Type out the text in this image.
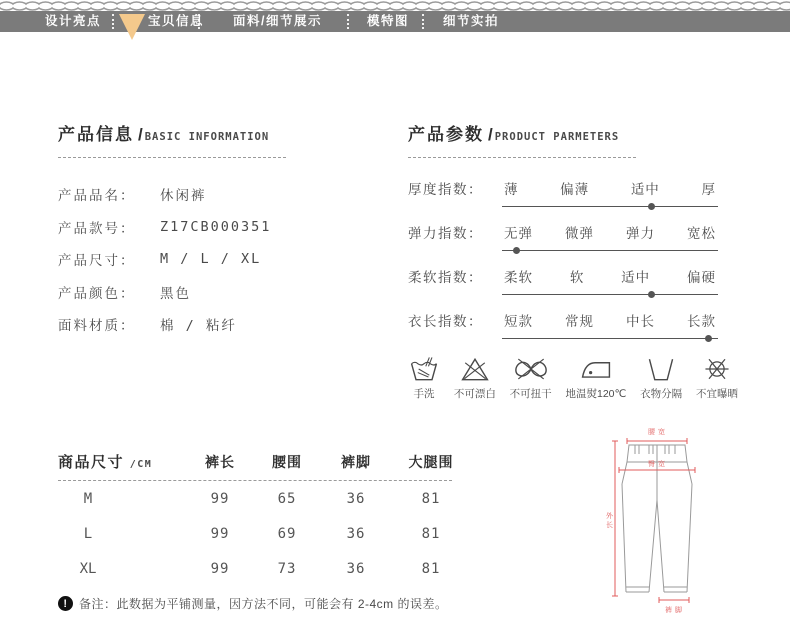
设计亮点	宝贝信息 面料/细节展示	模特图	细节实拍
产品信息 / BASIC INFORMATION
产品品名：	休闲裤
产品款号：	Z17CB000351
产品尺寸：	M / L / XL
产品颜色：	黑色
面料材质：	棉 / 粘纤
产品参数 / PRODUCT PARMETERS
厚度指数：	薄	偏薄	适中	厚
弹力指数：	无弹 微弹 弹力 宽松
柔软指数：	柔软	软	适中	偏硬
衣长指数：	短款 常规 中长 长款
手洗 不可漂白 不可扭干 地温熨120℃ 衣物分隔 不宜曝晒
商品尺寸 /CM	裤长	腰围	裤脚	大腿围
M	99	65	36	81
L	99	69	36	81
XL	99	73	36	81
! 备注：此数据为平铺测量，因方法不同，可能会有 2-4cm 的误差。
腰宽
臀宽
外长
裤脚
